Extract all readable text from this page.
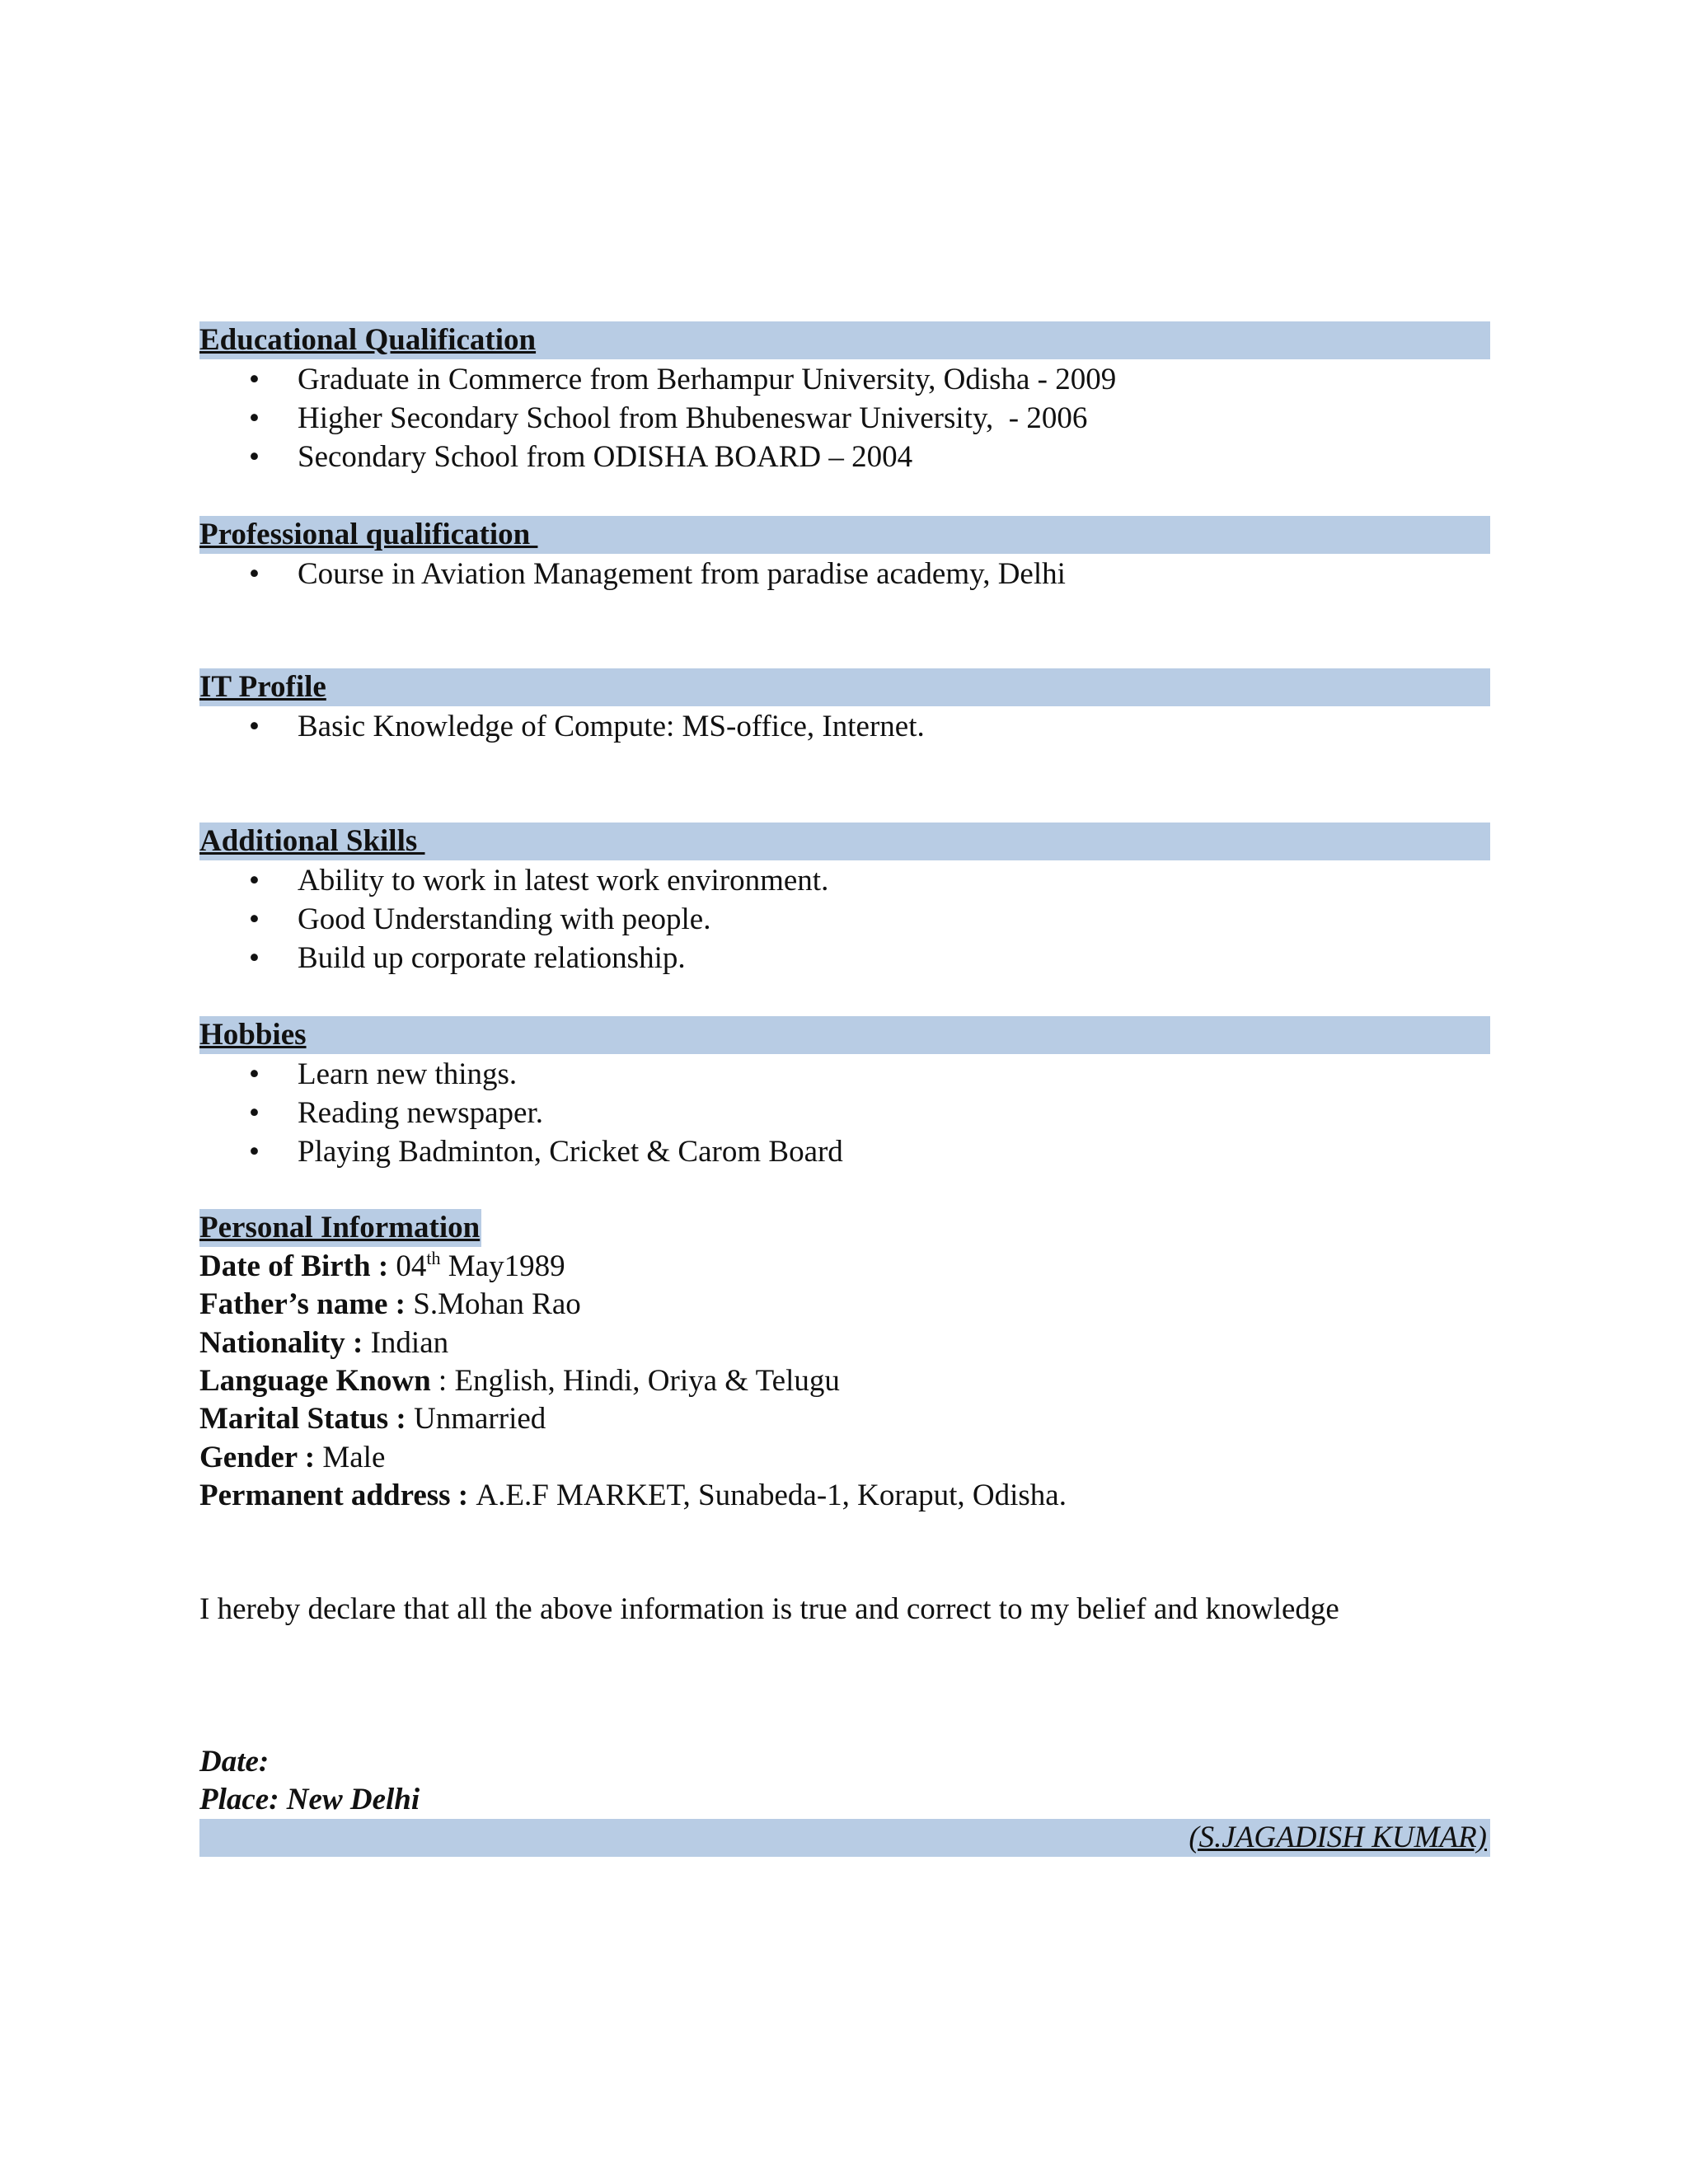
Educational Qualification
• Graduate in Commerce from Berhampur University, Odisha - 2009
• Higher Secondary School from Bhubeneswar University,  - 2006
• Secondary School from ODISHA BOARD – 2004
Professional qualification
• Course in Aviation Management from paradise academy, Delhi
IT Profile
• Basic Knowledge of Compute: MS-office, Internet.
Additional Skills
• Ability to work in latest work environment.
• Good Understanding with people.
• Build up corporate relationship.
Hobbies
• Learn new things.
• Reading newspaper.
• Playing Badminton, Cricket & Carom Board
Personal Information
Date of Birth : 04th May1989
Father’s name : S.Mohan Rao
Nationality : Indian
Language Known : English, Hindi, Oriya & Telugu
Marital Status : Unmarried
Gender : Male
Permanent address : A.E.F MARKET, Sunabeda-1, Koraput, Odisha.
I hereby declare that all the above information is true and correct to my belief and knowledge
Date:
Place: New Delhi
(S.JAGADISH KUMAR)
